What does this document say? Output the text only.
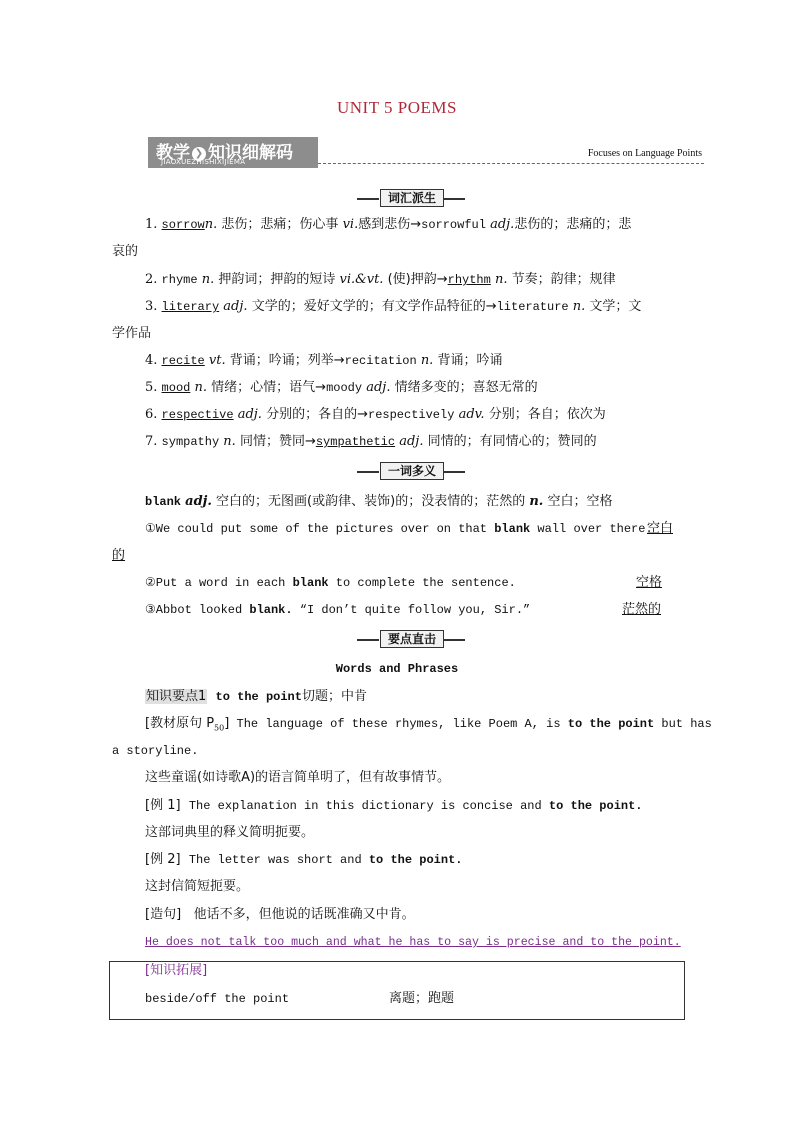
UNIT 5 POEMS
教学 ❯ 知识细解码
JIAOXUEZHISHIXIJIEMA
Focuses on Language Points
词汇派生
1. sorrown. 悲伤；悲痛；伤心事 vi.感到悲伤→sorrowful adj.悲伤的；悲痛的；悲
哀的
2. rhyme n. 押韵词；押韵的短诗 vi.&vt. (使)押韵→rhythm n. 节奏；韵律；规律
3. literary adj. 文学的；爱好文学的；有文学作品特征的→literature n. 文学；文
学作品
4. recite vt. 背诵；吟诵；列举→recitation n. 背诵；吟诵
5. mood n. 情绪；心情；语气→moody adj. 情绪多变的；喜怒无常的
6. respective adj. 分别的；各自的→respectively adv. 分别；各自；依次为
7. sympathy n. 同情；赞同→sympathetic adj. 同情的；有同情心的；赞同的
一词多义
blank adj. 空白的；无图画(或韵律、装饰)的；没表情的；茫然的 n. 空白；空格
①We could put some of the pictures over on that blank wall over there.
空白
的
②Put a word in each blank to complete the sentence.	空格
③Abbot looked blank. “I don’t quite follow you, Sir.”	茫然的
要点直击
Words and Phrases
知识要点1 to the point切题；中肯
[教材原句 $P_{50}$] The language of these rhymes, like Poem A, is to the point but has
a storyline.
这些童谣(如诗歌A)的语言简单明了，但有故事情节。
[例 1] The explanation in this dictionary is concise and to the point.
这部词典里的释义简明扼要。
[例 2] The letter was short and to the point.
这封信简短扼要。
[造句] 他话不多，但他说的话既准确又中肯。
He does not talk too much and what he has to say is precise and to the point.
[知识拓展]
beside/off the point	离题；跑题
